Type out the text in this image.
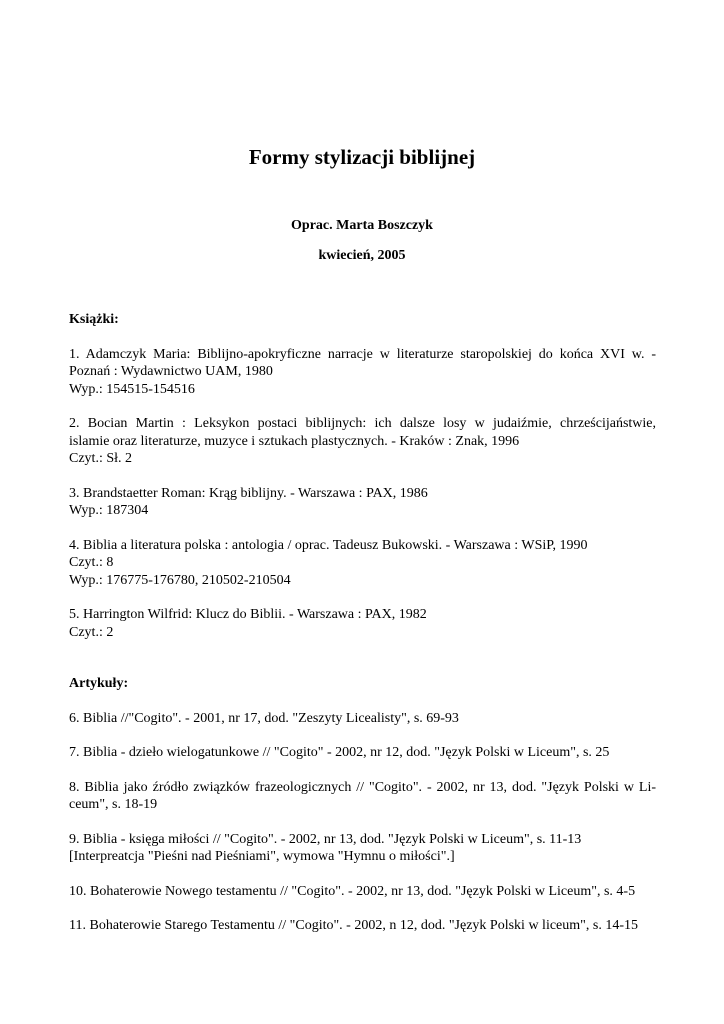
Formy stylizacji biblijnej
Oprac. Marta Boszczyk
kwiecień, 2005

Książki:

1. Adamczyk Maria: Biblijno-apokryficzne narracje w literaturze staropolskiej do końca XVI w. -
Poznań : Wydawnictwo UAM, 1980
Wyp.: 154515-154516
2. Bocian Martin : Leksykon postaci biblijnych: ich dalsze losy w judaiźmie, chrześcijaństwie,
islamie oraz literaturze, muzyce i sztukach plastycznych. - Kraków : Znak, 1996
Czyt.: Sł. 2
3. Brandstaetter Roman: Krąg biblijny. - Warszawa : PAX, 1986
Wyp.: 187304
4. Biblia a literatura polska : antologia / oprac. Tadeusz Bukowski. - Warszawa : WSiP, 1990
Czyt.: 8
Wyp.: 176775-176780, 210502-210504
5. Harrington Wilfrid: Klucz do Biblii. - Warszawa : PAX, 1982
Czyt.: 2

Artykuły:

6. Biblia //"Cogito". - 2001, nr 17, dod. "Zeszyty Licealisty", s. 69-93
7. Biblia - dzieło wielogatunkowe // "Cogito" - 2002, nr 12, dod. "Język Polski w Liceum", s. 25
8. Biblia jako źródło związków frazeologicznych // "Cogito". - 2002, nr 13, dod. "Język Polski w Li-
ceum", s. 18-19
9. Biblia - księga miłości // "Cogito". - 2002, nr 13, dod. "Język Polski w Liceum", s. 11-13
[Interpreatcja "Pieśni nad Pieśniami", wymowa "Hymnu o miłości".]
10. Bohaterowie Nowego testamentu // "Cogito". - 2002, nr 13, dod. "Język Polski w Liceum", s. 4-5
11. Bohaterowie Starego Testamentu // "Cogito". - 2002, n 12, dod. "Język Polski w liceum", s. 14-15
